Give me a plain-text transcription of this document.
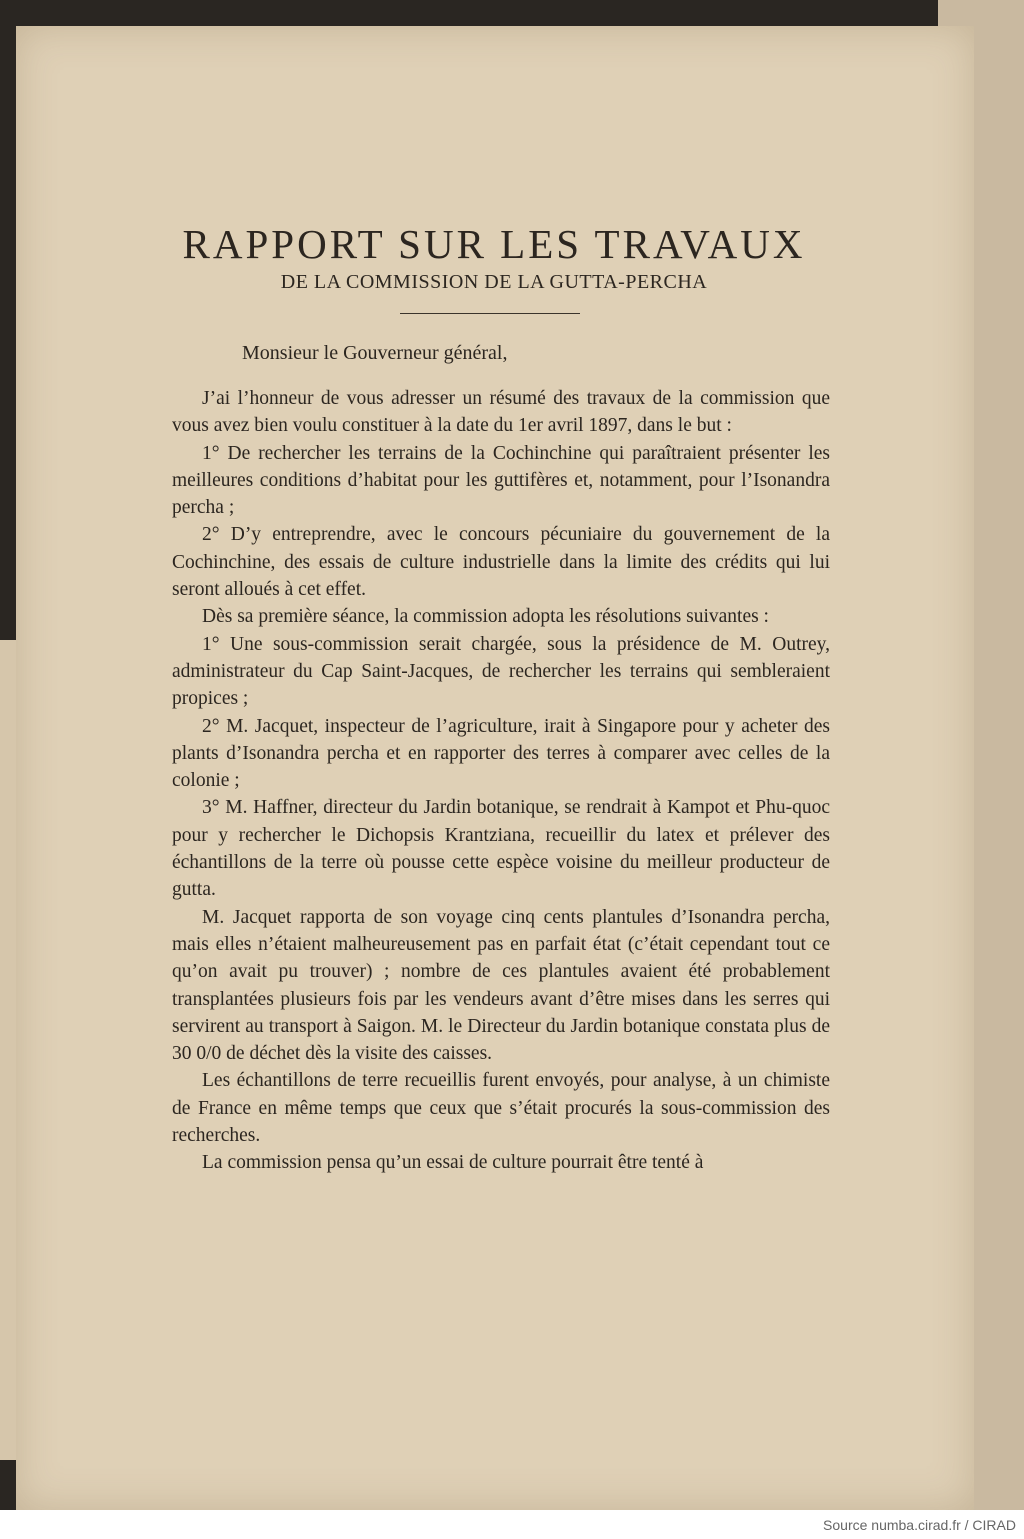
RAPPORT SUR LES TRAVAUX
DE LA COMMISSION DE LA GUTTA-PERCHA
Monsieur le Gouverneur général,

J’ai l’honneur de vous adresser un résumé des travaux de la commission que vous avez bien voulu constituer à la date du 1er avril 1897, dans le but :

1° De rechercher les terrains de la Cochinchine qui paraîtraient présenter les meilleures conditions d’habitat pour les guttifères et, notamment, pour l’Isonandra percha ;

2° D’y entreprendre, avec le concours pécuniaire du gouvernement de la Cochinchine, des essais de culture industrielle dans la limite des crédits qui lui seront alloués à cet effet.

Dès sa première séance, la commission adopta les résolutions suivantes :

1° Une sous-commission serait chargée, sous la présidence de M. Outrey, administrateur du Cap Saint-Jacques, de rechercher les terrains qui sembleraient propices ;

2° M. Jacquet, inspecteur de l’agriculture, irait à Singapore pour y acheter des plants d’Isonandra percha et en rapporter des terres à comparer avec celles de la colonie ;

3° M. Haffner, directeur du Jardin botanique, se rendrait à Kampot et Phu-quoc pour y rechercher le Dichopsis Krantziana, recueillir du latex et prélever des échantillons de la terre où pousse cette espèce voisine du meilleur producteur de gutta.

M. Jacquet rapporta de son voyage cinq cents plantules d’Isonandra percha, mais elles n’étaient malheureusement pas en parfait état (c’était cependant tout ce qu’on avait pu trouver) ; nombre de ces plantules avaient été probablement transplantées plusieurs fois par les vendeurs avant d’être mises dans les serres qui servirent au transport à Saigon. M. le Directeur du Jardin botanique constata plus de 30 0/0 de déchet dès la visite des caisses.

Les échantillons de terre recueillis furent envoyés, pour analyse, à un chimiste de France en même temps que ceux que s’était procurés la sous-commission des recherches.

La commission pensa qu’un essai de culture pourrait être tenté à

Source numba.cirad.fr / CIRAD
